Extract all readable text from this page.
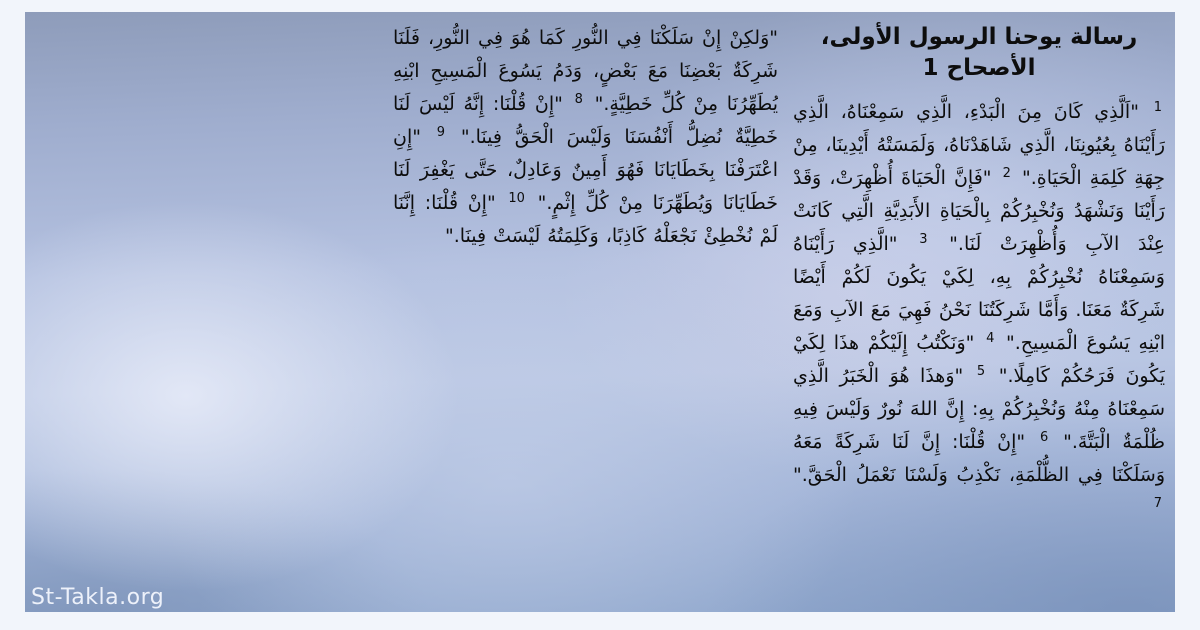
رسالة يوحنا الرسول الأولى، الأصحاح 1

$^1$ "اَلَّذِي كَانَ مِنَ الْبَدْءِ، الَّذِي سَمِعْنَاهُ، الَّذِي رَأَيْنَاهُ بِعُيُونِنَا، الَّذِي شَاهَدْنَاهُ، وَلَمَسَتْهُ أَيْدِينَا، مِنْ جِهَةِ كَلِمَةِ الْحَيَاةِ." $^2$ "فَإِنَّ الْحَيَاةَ أُظْهِرَتْ، وَقَدْ رَأَيْنَا وَنَشْهَدُ وَنُخْبِرُكُمْ بِالْحَيَاةِ الأَبَدِيَّةِ الَّتِي كَانَتْ عِنْدَ الآبِ وَأُظْهِرَتْ لَنَا." $^3$ "الَّذِي رَأَيْنَاهُ وَسَمِعْنَاهُ نُخْبِرُكُمْ بِهِ، لِكَيْ يَكُونَ لَكُمْ أَيْضًا شَرِكَةٌ مَعَنَا. وَأَمَّا شَرِكَتُنَا نَحْنُ فَهِيَ مَعَ الآبِ وَمَعَ ابْنِهِ يَسُوعَ الْمَسِيحِ." $^4$ "وَنَكْتُبُ إِلَيْكُمْ هذَا لِكَيْ يَكُونَ فَرَحُكُمْ كَامِلًا." $^5$ "وَهذَا هُوَ الْخَبَرُ الَّذِي سَمِعْنَاهُ مِنْهُ وَنُخْبِرُكُمْ بِهِ: إِنَّ اللهَ نُورٌ وَلَيْسَ فِيهِ ظُلْمَةٌ الْبَتَّةَ." $^6$ "إِنْ قُلْنَا: إِنَّ لَنَا شَرِكَةً مَعَهُ وَسَلَكْنَا فِي الظُّلْمَةِ، نَكْذِبُ وَلَسْنَا نَعْمَلُ الْحَقَّ." $^7$

"وَلكِنْ إِنْ سَلَكْنَا فِي النُّورِ كَمَا هُوَ فِي النُّورِ، فَلَنَا شَرِكَةٌ بَعْضِنَا مَعَ بَعْضٍ، وَدَمُ يَسُوعَ الْمَسِيحِ ابْنِهِ يُطَهِّرُنَا مِنْ كُلِّ خَطِيَّةٍ." $^8$ "إِنْ قُلْنَا: إِنَّهُ لَيْسَ لَنَا خَطِيَّةٌ نُضِلُّ أَنْفُسَنَا وَلَيْسَ الْحَقُّ فِينَا." $^9$ "إِنِ اعْتَرَفْنَا بِخَطَايَانَا فَهُوَ أَمِينٌ وَعَادِلٌ، حَتَّى يَغْفِرَ لَنَا خَطَايَانَا وَيُطَهِّرَنَا مِنْ كُلِّ إِثْمٍ." $^{10}$ "إِنْ قُلْنَا: إِنَّنَا لَمْ نُخْطِئْ نَجْعَلْهُ كَاذِبًا، وَكَلِمَتُهُ لَيْسَتْ فِينَا."

St-Takla.org
